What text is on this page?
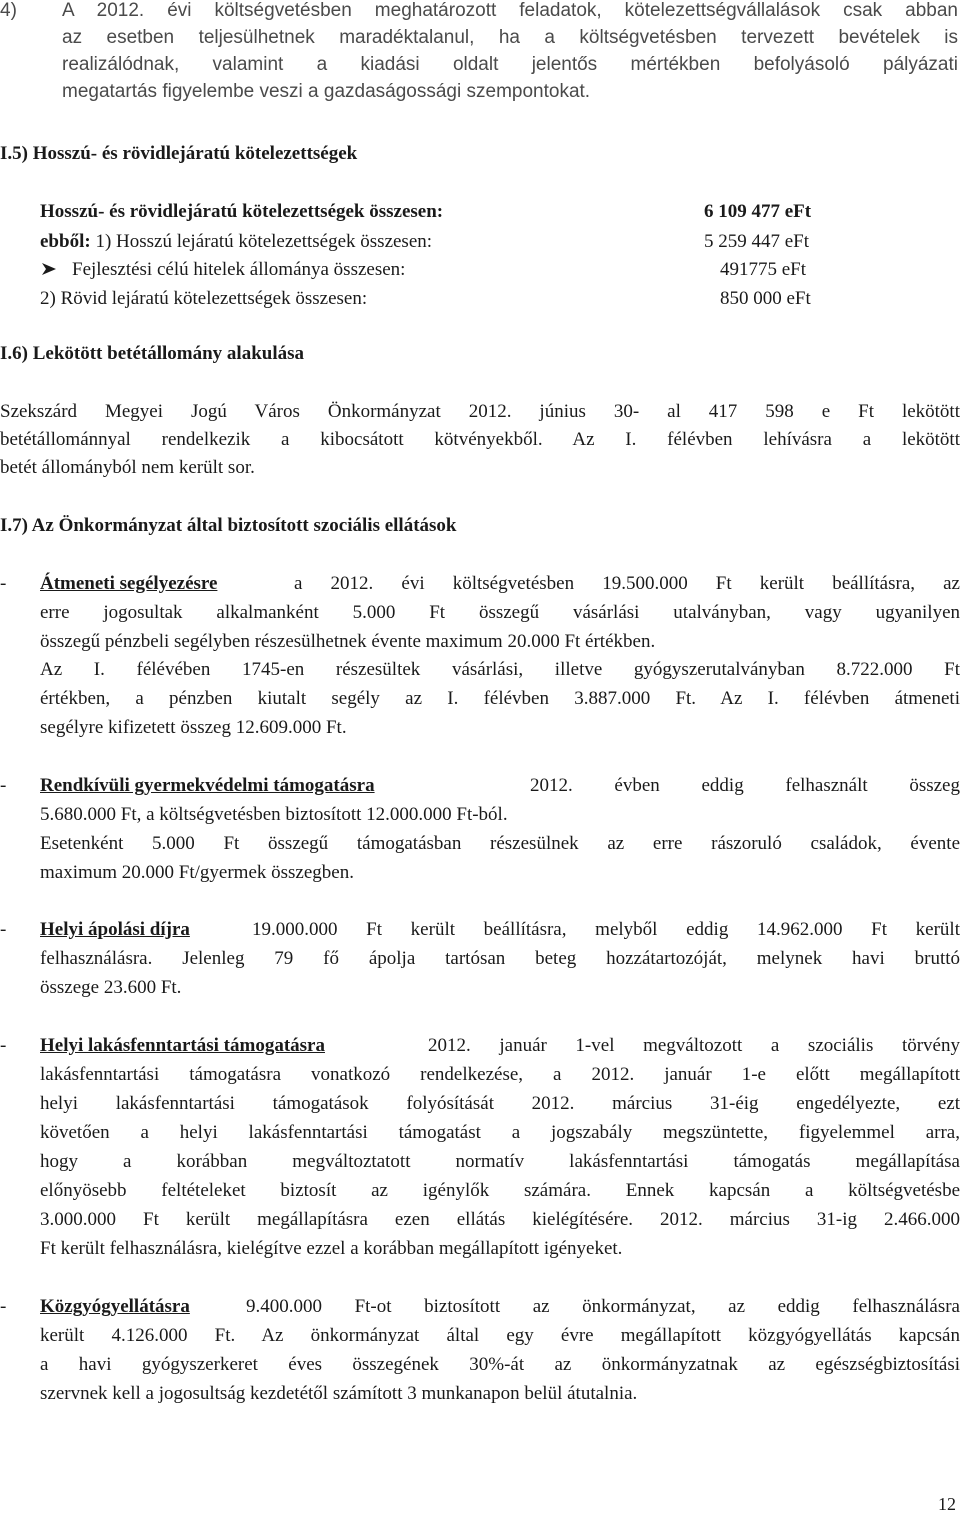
4) A 2012. évi költségvetésben meghatározott feladatok, kötelezettségvállalások csak abban
az esetben teljesülhetnek maradéktalanul, ha a költségvetésben tervezett bevételek is
realizálódnak, valamint a kiadási oldalt jelentős mértékben befolyásoló pályázati
megatartás figyelembe veszi a gazdaságossági szempontokat.
I.5) Hosszú- és rövidlejáratú kötelezettségek
Hosszú- és rövidlejáratú kötelezettségek összesen:	6 109 477 eFt
ebből: 1) Hosszú lejáratú kötelezettségek összesen:	5 259 447 eFt
Fejlesztési célú hitelek állománya összesen:	491775 eFt
2) Rövid lejáratú kötelezettségek összesen:	850 000 eFt
I.6) Lekötött betétállomány alakulása
Szekszárd Megyei Jogú Város Önkormányzat 2012. június 30- al 417 598 e Ft lekötött
betétállománnyal rendelkezik a kibocsátott kötvényekből. Az I. félévben lehívásra a lekötött
betét állományból nem került sor.
I.7) Az Önkormányzat által biztosított szociális ellátások
- Átmeneti segélyezésre	a 2012. évi költségvetésben 19.500.000 Ft került beállításra, az
erre jogosultak alkalmanként 5.000 Ft összegű vásárlási utalványban, vagy ugyanilyen
összegű pénzbeli segélyben részesülhetnek évente maximum 20.000 Ft értékben.
Az I. félévében 1745-en részesültek vásárlási, illetve gyógyszerutalványban 8.722.000 Ft
értékben, a pénzben kiutalt segély az I. félévben 3.887.000 Ft. Az I. félévben átmeneti
segélyre kifizetett összeg 12.609.000 Ft.
- Rendkívüli gyermekvédelmi támogatásra	2012. évben eddig felhasznált összeg
5.680.000 Ft, a költségvetésben biztosított 12.000.000 Ft-ból.
Esetenként 5.000 Ft összegű támogatásban részesülnek az erre rászoruló családok, évente
maximum 20.000 Ft/gyermek összegben.
- Helyi ápolási díjra	19.000.000 Ft került beállításra, melyből eddig 14.962.000 Ft került
felhasználásra. Jelenleg 79 fő ápolja tartósan beteg hozzátartozóját, melynek havi bruttó
összege 23.600 Ft.
- Helyi lakásfenntartási támogatásra	2012. január 1-vel megváltozott a szociális törvény
lakásfenntartási támogatásra vonatkozó rendelkezése, a 2012. január 1-e előtt megállapított
helyi lakásfenntartási támogatások folyósítását 2012. március 31-éig engedélyezte, ezt
követően a helyi lakásfenntartási támogatást a jogszabály megszüntette, figyelemmel arra,
hogy a korábban megváltoztatott normatív lakásfenntartási támogatás megállapítása
előnyösebb feltételeket biztosít az igénylők számára. Ennek kapcsán a költségvetésbe
3.000.000 Ft került megállapításra ezen ellátás kielégítésére. 2012. március 31-ig 2.466.000
Ft került felhasználásra, kielégítve ezzel a korábban megállapított igényeket.
- Közgyógyellátásra	9.400.000 Ft-ot biztosított az önkormányzat, az eddig felhasználásra
került 4.126.000 Ft. Az önkormányzat által egy évre megállapított közgyógyellátás kapcsán
a havi gyógyszerkeret éves összegének 30%-át az önkormányzatnak az egészségbiztosítási
szervnek kell a jogosultság kezdetétől számított 3 munkanapon belül átutalnia.
12
